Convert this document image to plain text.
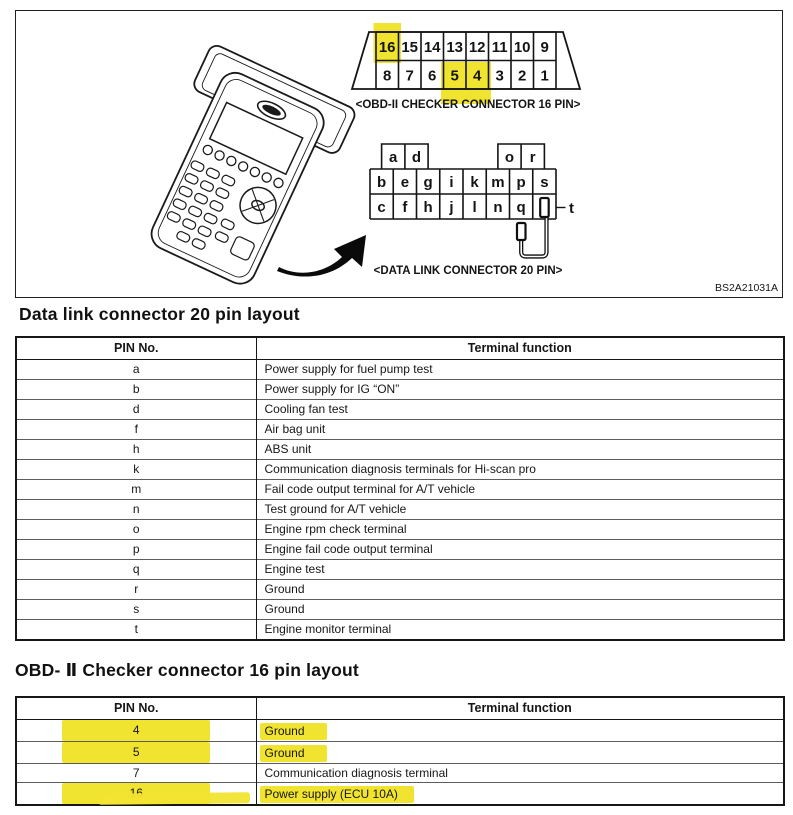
16 15 14 13 12 11 10 9
8 7 6 5 4 3 2 1
<OBD-II CHECKER CONNECTOR 16 PIN>
a d	o r
b e g i k m p s
c f h j l n q	t
<DATA LINK CONNECTOR 20 PIN>
BS2A21031A
Data link connector 20 pin layout
PIN No.	Terminal function
a	Power supply for fuel pump test
b	Power supply for IG “ON”
d	Cooling fan test
f	Air bag unit
h	ABS unit
k	Communication diagnosis terminals for Hi-scan pro
m	Fail code output terminal for A/T vehicle
n	Test ground for A/T vehicle
o	Engine rpm check terminal
p	Engine fail code output terminal
q	Engine test
r	Ground
s	Ground
t	Engine monitor terminal
OBD- Ⅱ Checker connector 16 pin layout
PIN No.	Terminal function
4	Ground
5	Ground
7	Communication diagnosis terminal
	Power supply (ECU 10A)
